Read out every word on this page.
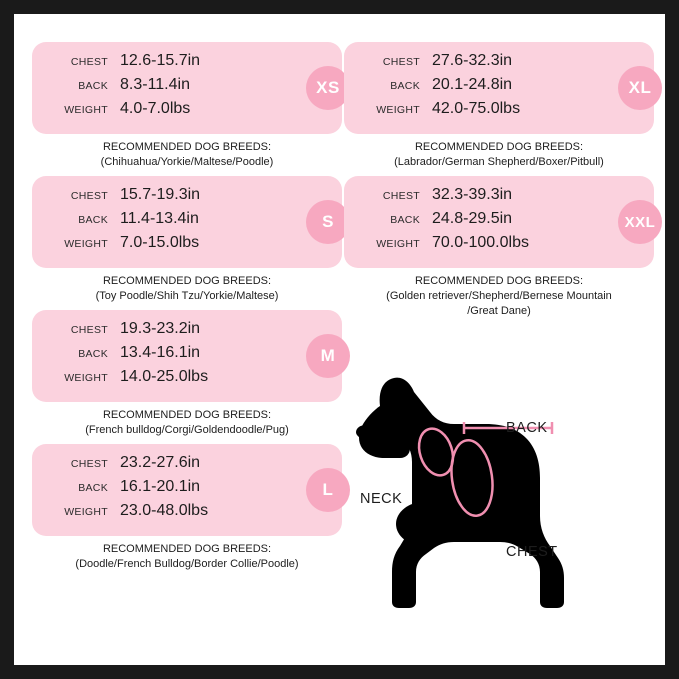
CHEST 12.6-15.7in
BACK 8.3-11.4in
WEIGHT 4.0-7.0lbs
XS
RECOMMENDED DOG BREEDS:
(Chihuahua/Yorkie/Maltese/Poodle)
CHEST 15.7-19.3in
BACK 11.4-13.4in
WEIGHT 7.0-15.0lbs
S
RECOMMENDED DOG BREEDS:
(Toy Poodle/Shih Tzu/Yorkie/Maltese)
CHEST 19.3-23.2in
BACK 13.4-16.1in
WEIGHT 14.0-25.0lbs
M
RECOMMENDED DOG BREEDS:
(French bulldog/Corgi/Goldendoodle/Pug)
CHEST 23.2-27.6in
BACK 16.1-20.1in
WEIGHT 23.0-48.0lbs
L
RECOMMENDED DOG BREEDS:
(Doodle/French Bulldog/Border Collie/Poodle)
CHEST 27.6-32.3in
BACK 20.1-24.8in
WEIGHT 42.0-75.0lbs
XL
RECOMMENDED DOG BREEDS:
(Labrador/German Shepherd/Boxer/Pitbull)
CHEST 32.3-39.3in
BACK 24.8-29.5in
WEIGHT 70.0-100.0lbs
XXL
RECOMMENDED DOG BREEDS:
(Golden retriever/Shepherd/Bernese Mountain
/Great Dane)
BACK
NECK
CHEST
